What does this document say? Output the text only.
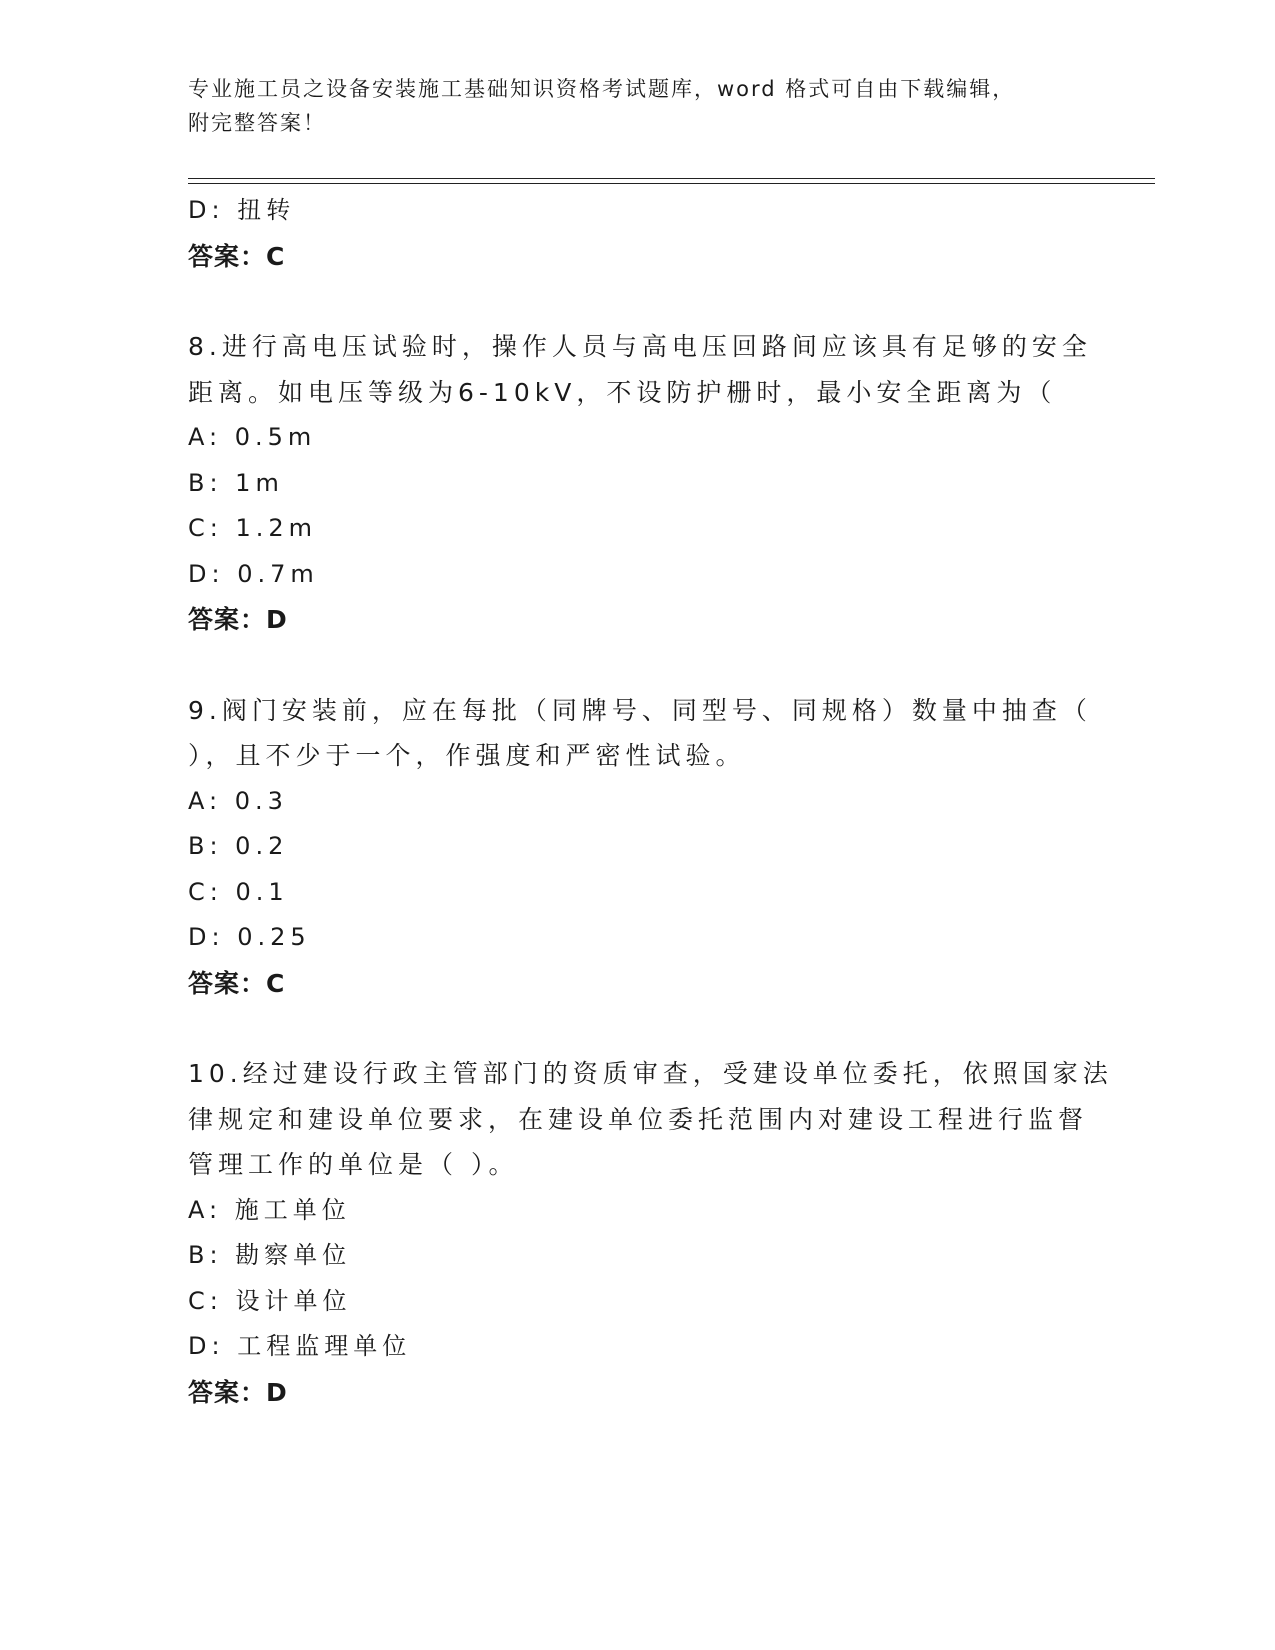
专业施工员之设备安装施工基础知识资格考试题库，word 格式可自由下载编辑，
附完整答案！
D: 扭转
答案：C
8.进行高电压试验时，操作人员与高电压回路间应该具有足够的安全
距离。如电压等级为6-10kV，不设防护栅时，最小安全距离为（
A: 0.5m
B: 1m
C: 1.2m
D: 0.7m
答案：D
9.阀门安装前，应在每批（同牌号、同型号、同规格）数量中抽查（
），且不少于一个，作强度和严密性试验。
A: 0.3
B: 0.2
C: 0.1
D: 0.25
答案：C
10.经过建设行政主管部门的资质审查，受建设单位委托，依照国家法
律规定和建设单位要求，在建设单位委托范围内对建设工程进行监督
管理工作的单位是（ ）。
A: 施工单位
B: 勘察单位
C: 设计单位
D: 工程监理单位
答案：D
